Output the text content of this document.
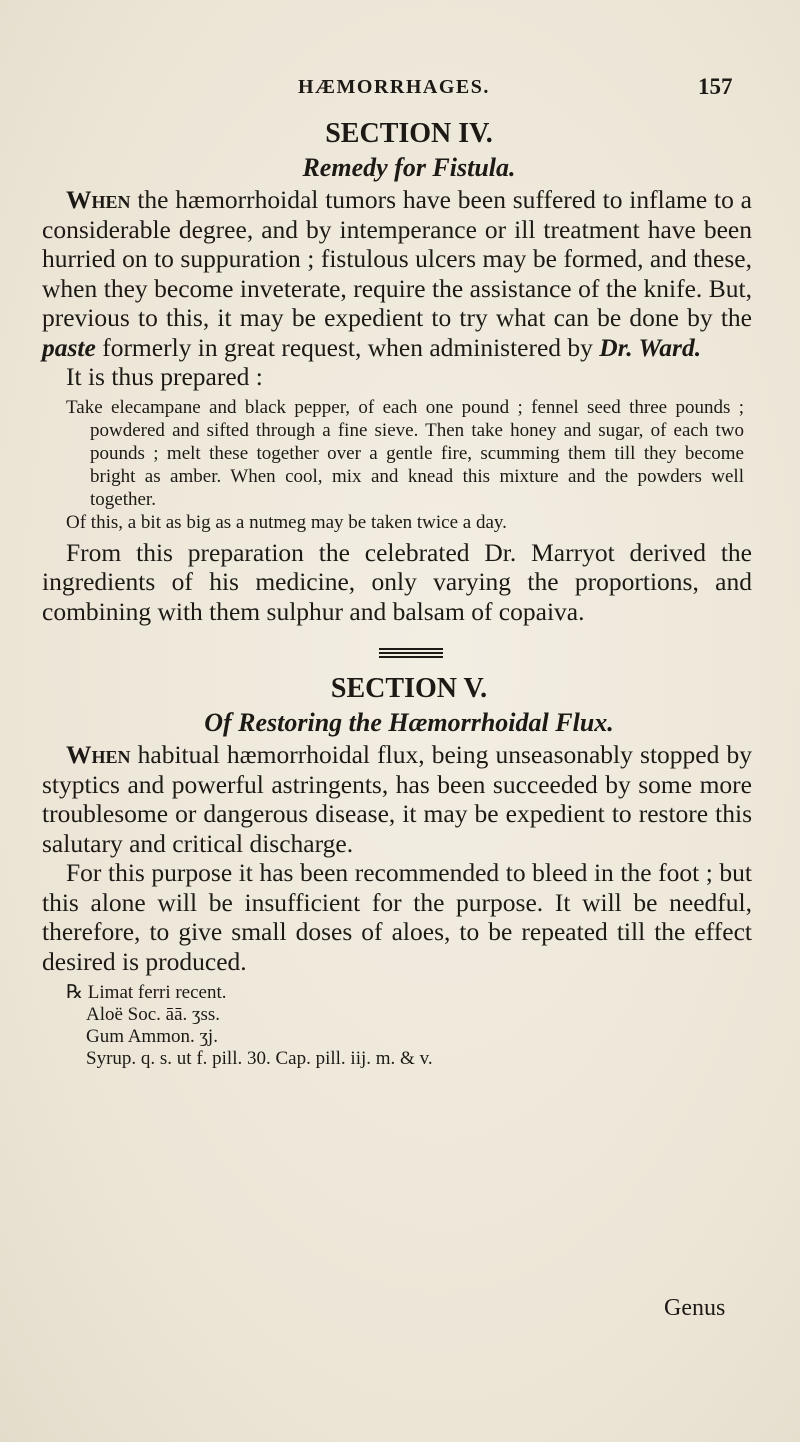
HÆMORRHAGES.	157
SECTION IV.

Remedy for Fistula.

When the hæmorrhoidal tumors have been suffered to inflame to a considerable degree, and by intemperance or ill treatment have been hurried on to suppuration ; fistulous ulcers may be formed, and these, when they become inveterate, require the assistance of the knife. But, previous to this, it may be expedient to try what can be done by the paste formerly in great request, when administered by Dr. Ward.

It is thus prepared :

Take elecampane and black pepper, of each one pound ; fennel seed three pounds ; powdered and sifted through a fine sieve. Then take honey and sugar, of each two pounds ; melt these together over a gentle fire, scumming them till they become bright as amber. When cool, mix and knead this mixture and the powders well together.

Of this, a bit as big as a nutmeg may be taken twice a day.

From this preparation the celebrated Dr. Marryot derived the ingredients of his medicine, only varying the proportions, and combining with them sulphur and balsam of copaiva.

SECTION V.

Of Restoring the Hæmorrhoidal Flux.

When habitual hæmorrhoidal flux, being unseasonably stopped by styptics and powerful astringents, has been succeeded by some more troublesome or dangerous disease, it may be expedient to restore this salutary and critical discharge.

For this purpose it has been recommended to bleed in the foot ; but this alone will be insufficient for the purpose. It will be needful, therefore, to give small doses of aloes, to be repeated till the effect desired is produced.

℞ Limat ferri recent.
Aloë Soc. āā. ʒss.
Gum Ammon. ʒj.
Syrup. q. s. ut f. pill. 30. Cap. pill. iij. m. & v.
Genus
